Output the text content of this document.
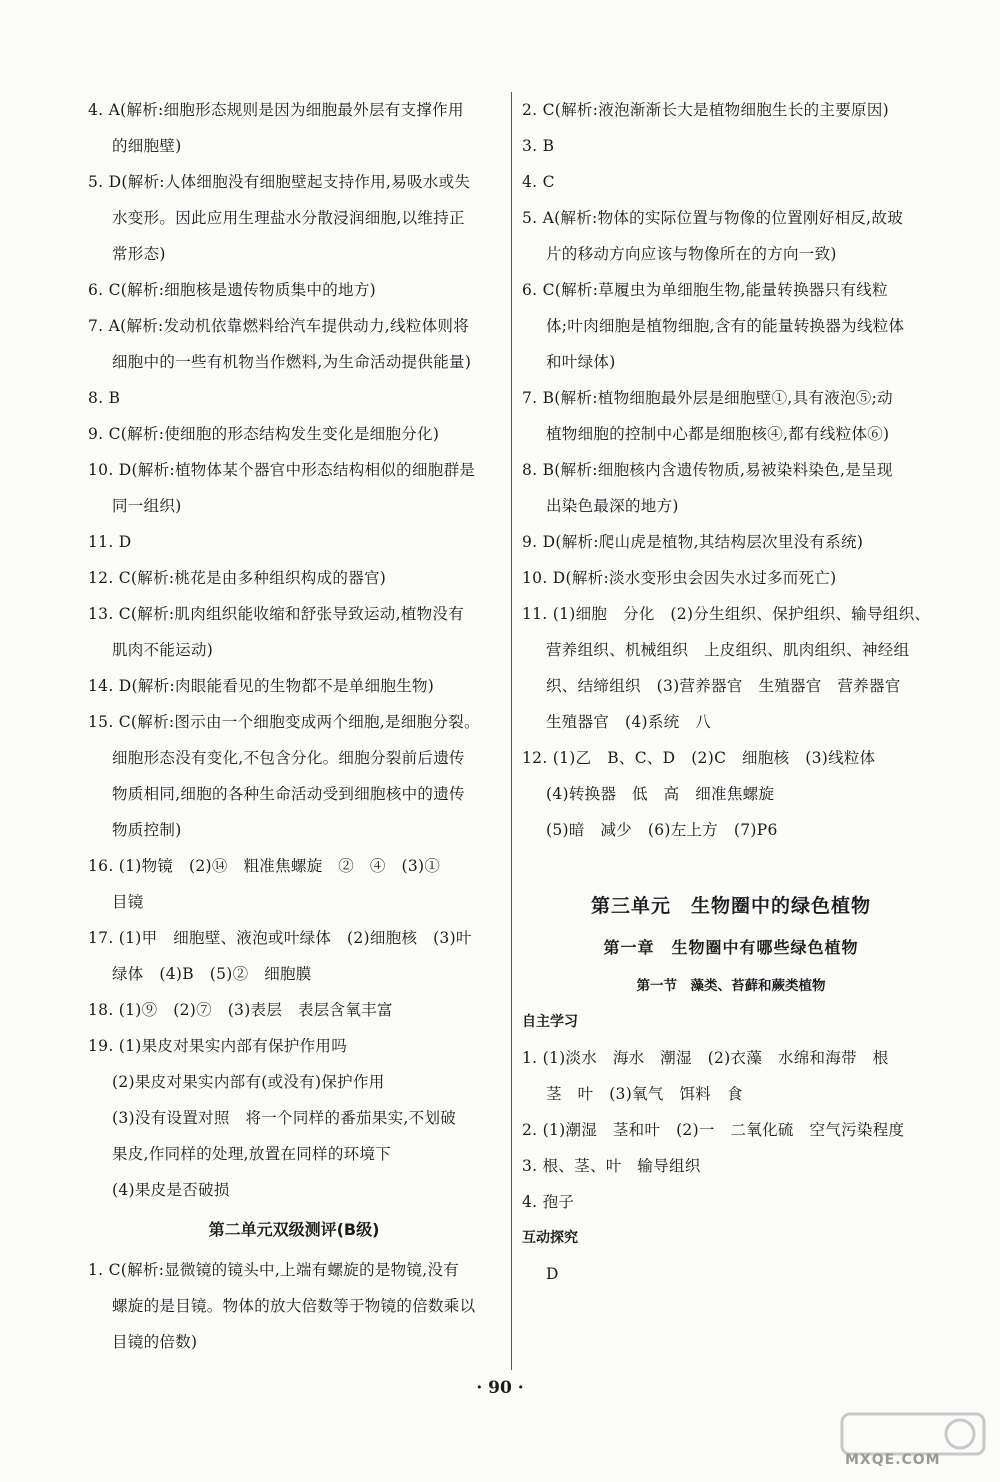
4. A(解析:细胞形态规则是因为细胞最外层有支撑作用
的细胞壁)
5. D(解析:人体细胞没有细胞壁起支持作用,易吸水或失
水变形。因此应用生理盐水分散浸润细胞,以维持正
常形态)
6. C(解析:细胞核是遗传物质集中的地方)
7. A(解析:发动机依靠燃料给汽车提供动力,线粒体则将
细胞中的一些有机物当作燃料,为生命活动提供能量)
8. B
9. C(解析:使细胞的形态结构发生变化是细胞分化)
10. D(解析:植物体某个器官中形态结构相似的细胞群是
同一组织)
11. D
12. C(解析:桃花是由多种组织构成的器官)
13. C(解析:肌肉组织能收缩和舒张导致运动,植物没有
肌肉不能运动)
14. D(解析:肉眼能看见的生物都不是单细胞生物)
15. C(解析:图示由一个细胞变成两个细胞,是细胞分裂。
细胞形态没有变化,不包含分化。细胞分裂前后遗传
物质相同,细胞的各种生命活动受到细胞核中的遗传
物质控制)
16. (1)物镜　(2)⑭　粗准焦螺旋　②　④　(3)①
目镜
17. (1)甲　细胞壁、液泡或叶绿体　(2)细胞核　(3)叶
绿体　(4)B　(5)②　细胞膜
18. (1)⑨　(2)⑦　(3)表层　表层含氧丰富
19. (1)果皮对果实内部有保护作用吗
(2)果皮对果实内部有(或没有)保护作用
(3)没有设置对照　将一个同样的番茄果实,不划破
果皮,作同样的处理,放置在同样的环境下
(4)果皮是否破损
第二单元双级测评(B级)
1. C(解析:显微镜的镜头中,上端有螺旋的是物镜,没有
螺旋的是目镜。物体的放大倍数等于物镜的倍数乘以
目镜的倍数)
2. C(解析:液泡渐渐长大是植物细胞生长的主要原因)
3. B
4. C
5. A(解析:物体的实际位置与物像的位置刚好相反,故玻
片的移动方向应该与物像所在的方向一致)
6. C(解析:草履虫为单细胞生物,能量转换器只有线粒
体;叶肉细胞是植物细胞,含有的能量转换器为线粒体
和叶绿体)
7. B(解析:植物细胞最外层是细胞壁①,具有液泡⑤;动
植物细胞的控制中心都是细胞核④,都有线粒体⑥)
8. B(解析:细胞核内含遗传物质,易被染料染色,是呈现
出染色最深的地方)
9. D(解析:爬山虎是植物,其结构层次里没有系统)
10. D(解析:淡水变形虫会因失水过多而死亡)
11. (1)细胞　分化　(2)分生组织、保护组织、输导组织、
营养组织、机械组织　上皮组织、肌肉组织、神经组
织、结缔组织　(3)营养器官　生殖器官　营养器官
生殖器官　(4)系统　八
12. (1)乙　B、C、D　(2)C　细胞核　(3)线粒体
(4)转换器　低　高　细准焦螺旋
(5)暗　减少　(6)左上方　(7)P6
第三单元　生物圈中的绿色植物
第一章　生物圈中有哪些绿色植物
第一节　藻类、苔藓和蕨类植物
自主学习
1. (1)淡水　海水　潮湿　(2)衣藻　水绵和海带　根
茎　叶　(3)氧气　饵料　食
2. (1)潮湿　茎和叶　(2)一　二氧化硫　空气污染程度
3. 根、茎、叶　输导组织
4. 孢子
互动探究
D
· 90 ·
MXQE.COM
